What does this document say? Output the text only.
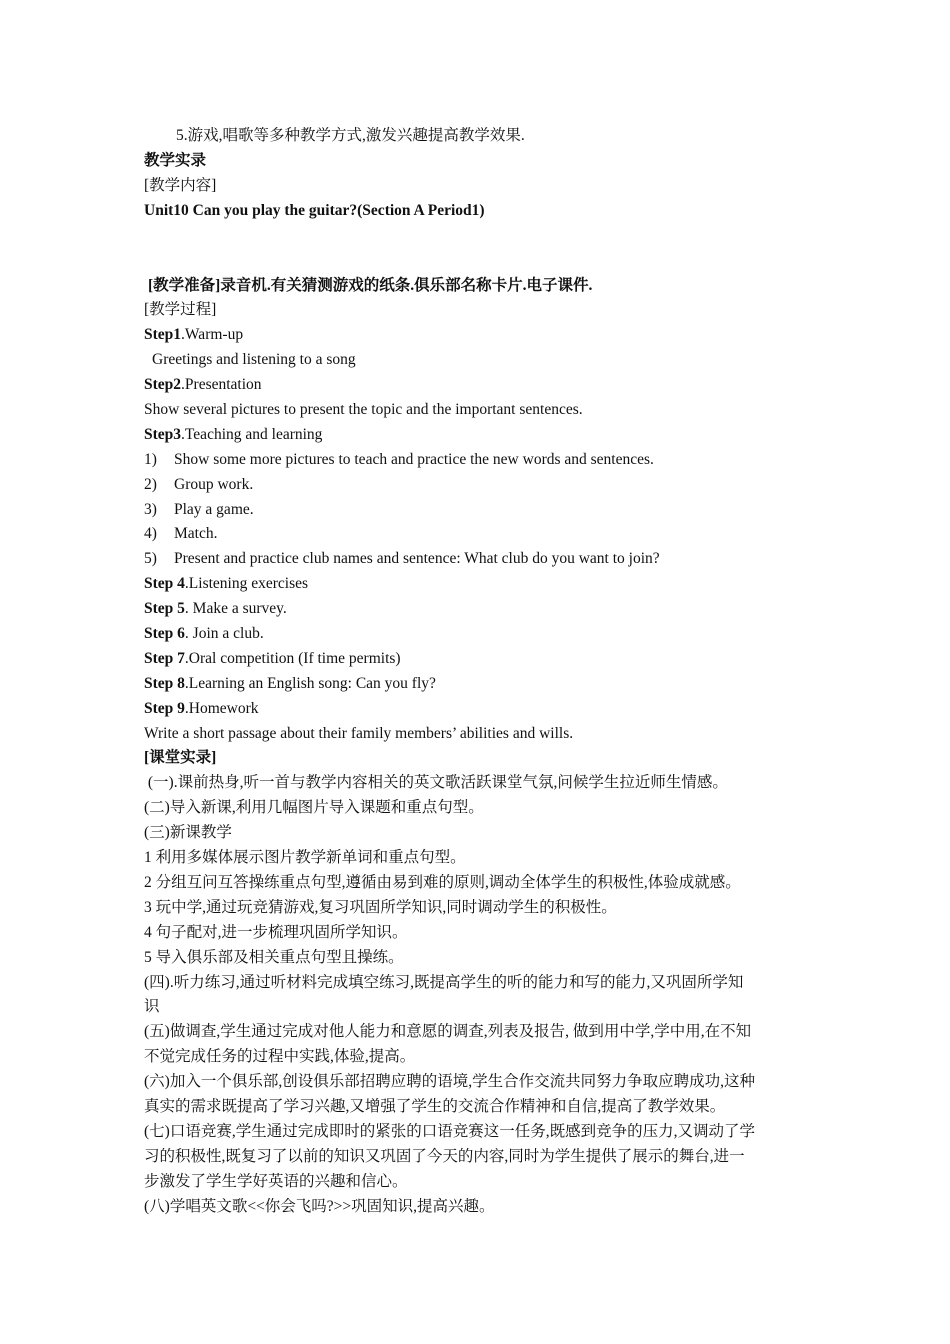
5.游戏,唱歌等多种教学方式,激发兴趣提高教学效果.
教学实录
[教学内容]
Unit10 Can you play the guitar?(Section A Period1)
[教学准备]录音机.有关猜测游戏的纸条.俱乐部名称卡片.电子课件.
[教学过程]
Step1.Warm-up
Greetings and listening to a song
Step2.Presentation
Show several pictures to present the topic and the important sentences.
Step3.Teaching and learning
1) Show some more pictures to teach and practice the new words and sentences.
2) Group work.
3) Play a game.
4) Match.
5) Present and practice club names and sentence: What club do you want to join?
Step 4.Listening exercises
Step 5. Make a survey.
Step 6. Join a club.
Step 7.Oral competition (If time permits)
Step 8.Learning an English song: Can you fly?
Step 9.Homework
Write a short passage about their family members’ abilities and wills.
[课堂实录]
(一).课前热身,听一首与教学内容相关的英文歌活跃课堂气氛,问候学生拉近师生情感。
(二)导入新课,利用几幅图片导入课题和重点句型。
(三)新课教学
1 利用多媒体展示图片教学新单词和重点句型。
2 分组互问互答操练重点句型,遵循由易到难的原则,调动全体学生的积极性,体验成就感。
3 玩中学,通过玩竞猜游戏,复习巩固所学知识,同时调动学生的积极性。
4 句子配对,进一步梳理巩固所学知识。
5 导入俱乐部及相关重点句型且操练。
(四).听力练习,通过听材料完成填空练习,既提高学生的听的能力和写的能力,又巩固所学知
识
(五)做调查,学生通过完成对他人能力和意愿的调查,列表及报告, 做到用中学,学中用,在不知
不觉完成任务的过程中实践,体验,提高。
(六)加入一个俱乐部,创设俱乐部招聘应聘的语境,学生合作交流共同努力争取应聘成功,这种
真实的需求既提高了学习兴趣,又增强了学生的交流合作精神和自信,提高了教学效果。
(七)口语竞赛,学生通过完成即时的紧张的口语竞赛这一任务,既感到竞争的压力,又调动了学
习的积极性,既复习了以前的知识又巩固了今天的内容,同时为学生提供了展示的舞台,进一
步激发了学生学好英语的兴趣和信心。
(八)学唱英文歌<<你会飞吗?>>巩固知识,提高兴趣。
